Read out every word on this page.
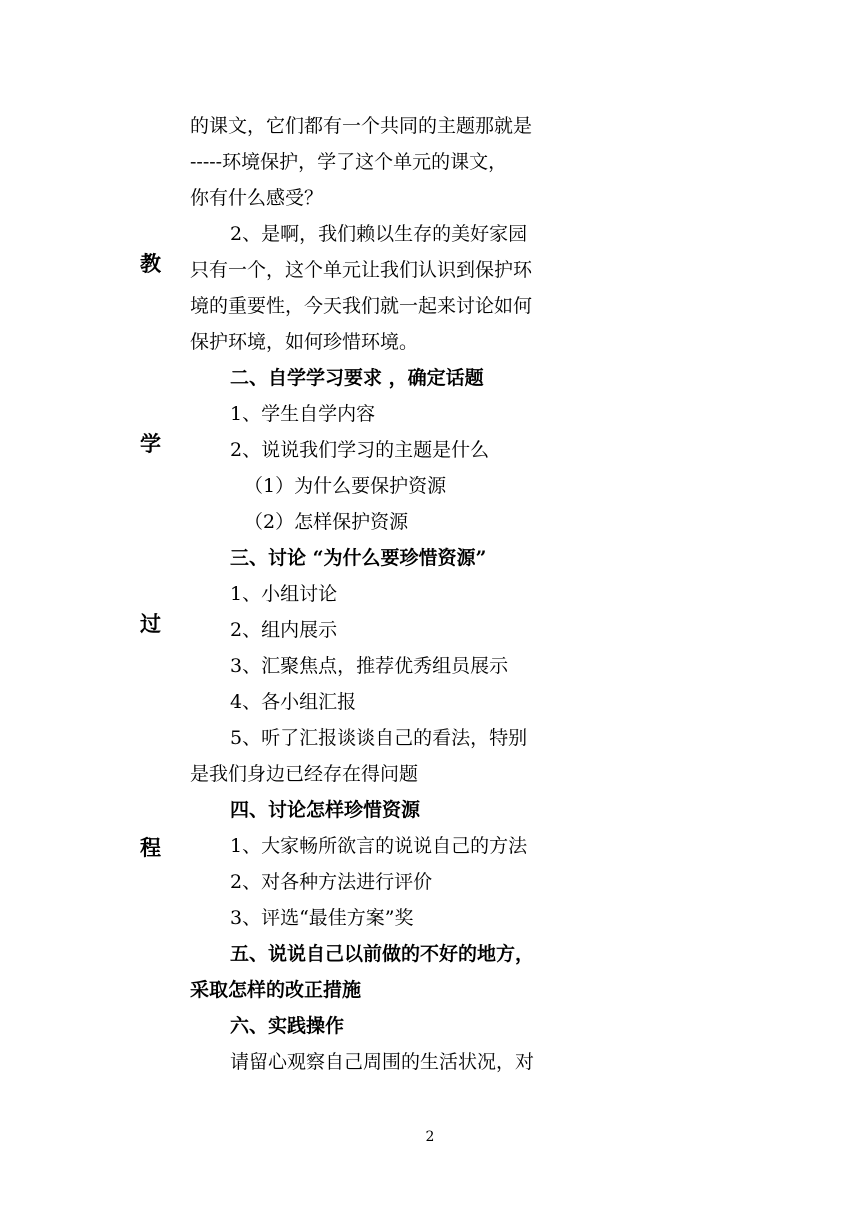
教
学
过
程
的课文，它们都有一个共同的主题那就是
-----环境保护，学了这个单元的课文，
你有什么感受？
2、是啊，我们赖以生存的美好家园
只有一个，这个单元让我们认识到保护环
境的重要性，今天我们就一起来讨论如何
保护环境，如何珍惜环境。
二、自学学习要求 ，确定话题
1、学生自学内容
2、说说我们学习的主题是什么
（1）为什么要保护资源
（2）怎样保护资源
三、讨论 “为什么要珍惜资源”
1、小组讨论
2、组内展示
3、汇聚焦点，推荐优秀组员展示
4、各小组汇报
5、听了汇报谈谈自己的看法，特别
是我们身边已经存在得问题
四、讨论怎样珍惜资源
1、大家畅所欲言的说说自己的方法
2、对各种方法进行评价
3、评选“最佳方案”奖
五、说说自己以前做的不好的地方，
采取怎样的改正措施
六、实践操作
请留心观察自己周围的生活状况，对
2
